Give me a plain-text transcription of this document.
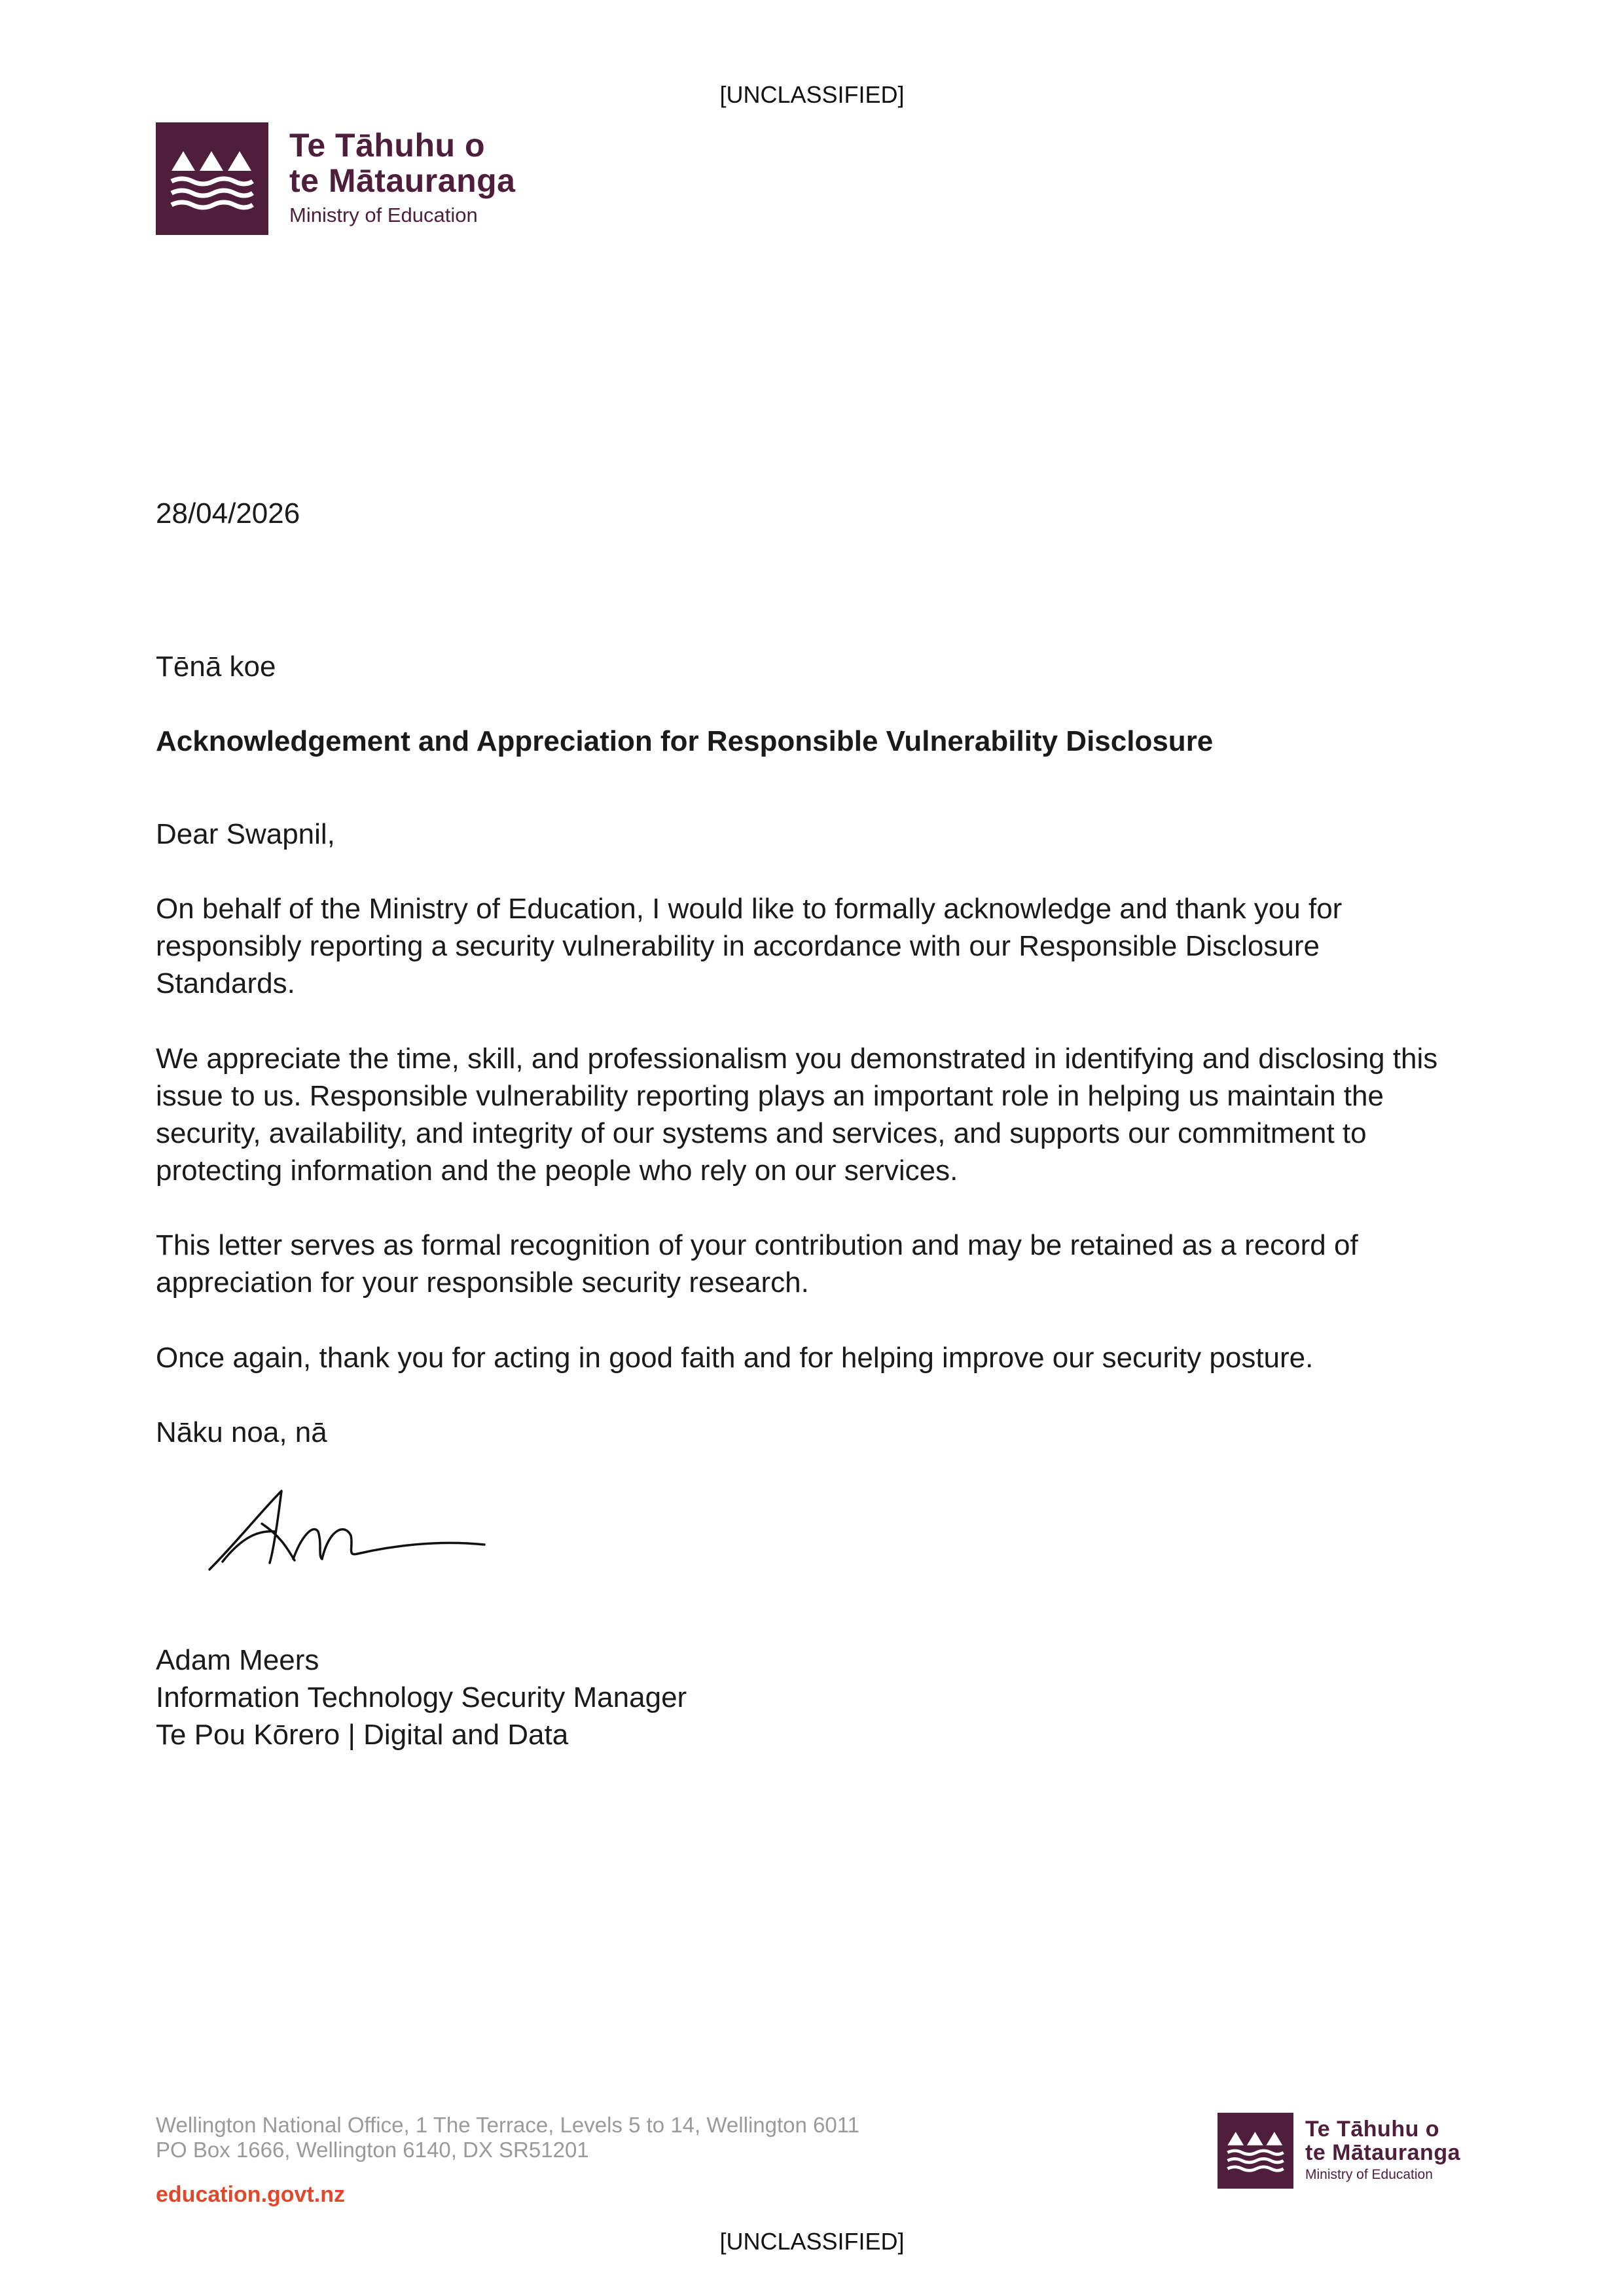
[UNCLASSIFIED]
Te Tāhuhu o
te Mātauranga
Ministry of Education
28/04/2026
Tēnā koe
Acknowledgement and Appreciation for Responsible Vulnerability Disclosure
Dear Swapnil,
On behalf of the Ministry of Education, I would like to formally acknowledge and thank you for responsibly reporting a security vulnerability in accordance with our Responsible Disclosure Standards.
We appreciate the time, skill, and professionalism you demonstrated in identifying and disclosing this issue to us. Responsible vulnerability reporting plays an important role in helping us maintain the security, availability, and integrity of our systems and services, and supports our commitment to protecting information and the people who rely on our services.
This letter serves as formal recognition of your contribution and may be retained as a record of appreciation for your responsible security research.
Once again, thank you for acting in good faith and for helping improve our security posture.
Nāku noa, nā
Adam Meers
Information Technology Security Manager
Te Pou Kōrero | Digital and Data
Wellington National Office, 1 The Terrace, Levels 5 to 14, Wellington 6011
PO Box 1666, Wellington 6140, DX SR51201
education.govt.nz
Te Tāhuhu o
te Mātauranga
Ministry of Education
[UNCLASSIFIED]
